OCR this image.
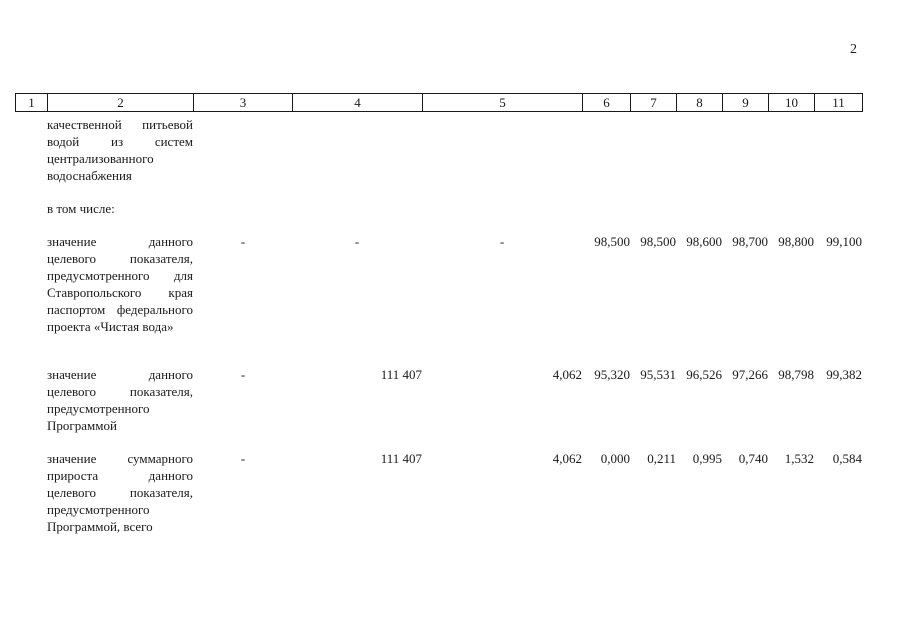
2
1	2	3	4	5	6	7	8	9	10	11
качественной питьевой водой из систем централизованного водоснабжения
в том числе:
значение данного целевого показателя, предусмотренного для Ставропольского края паспортом федерального проекта «Чистая вода»
-	-	-	98,500 98,500 98,600 98,700 98,800 99,100
значение данного целевого показателя, предусмотренного Программой
-	111 407	4,062 95,320 95,531 96,526 97,266 98,798 99,382
значение суммарного прироста данного целевого показателя, предусмотренного Программой, всего
-	111 407	4,062	0,000	0,211	0,995	0,740	1,532	0,584
